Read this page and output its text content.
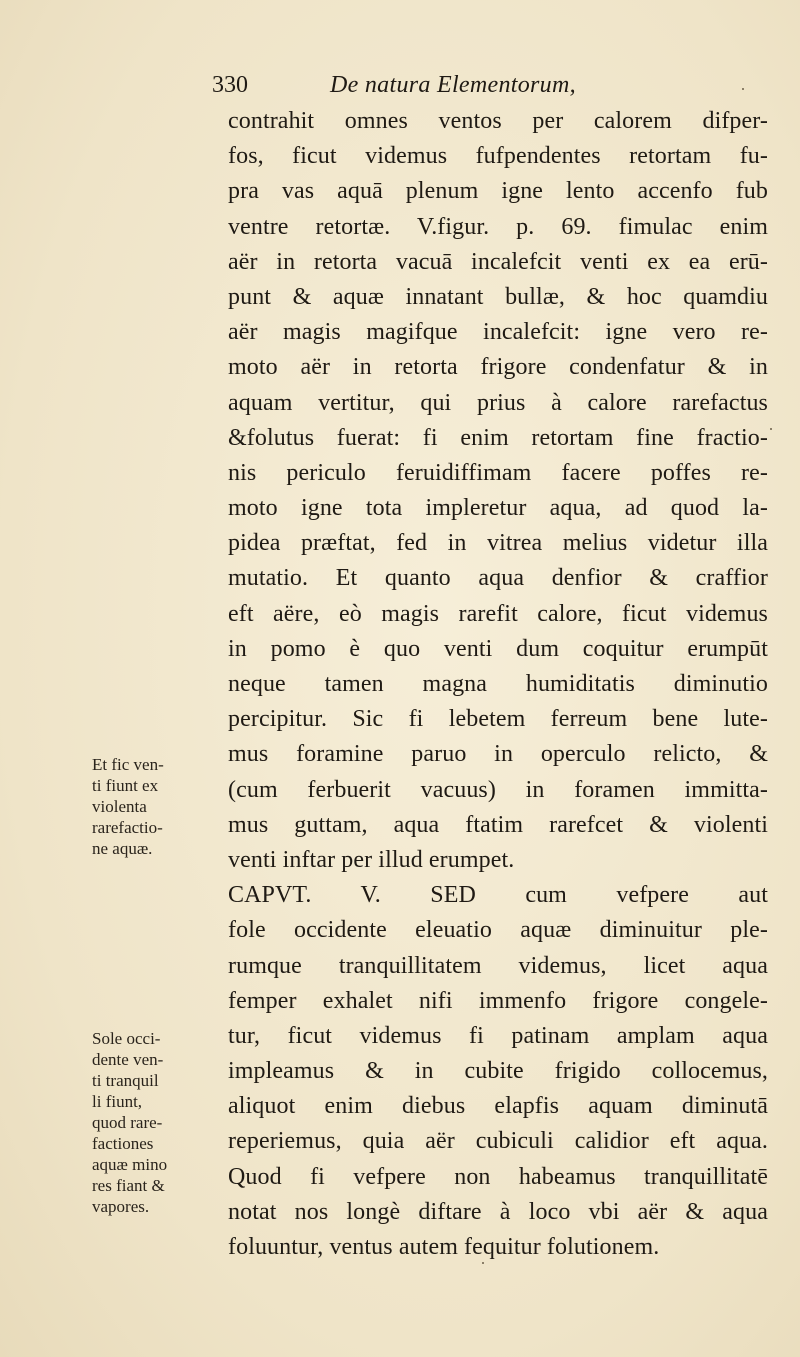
330	De natura Elementorum,
contrahit omnes ventos per calorem difper-
fos, ficut videmus fufpendentes retortam fu-
pra vas aquā plenum igne lento accenfo fub
ventre retortæ. V.figur. p. 69. fimulac enim
aër in retorta vacuā incalefcit venti ex ea erū-
punt & aquæ innatant bullæ, & hoc quamdiu
aër magis magifque incalefcit: igne vero re-
moto aër in retorta frigore condenfatur & in
aquam vertitur, qui prius à calore rarefactus
&folutus fuerat: fi enim retortam fine fractio-
nis periculo feruidiffimam facere poffes re-
moto igne tota impleretur aqua, ad quod la-
pidea præftat, fed in vitrea melius videtur illa
mutatio. Et quanto aqua denfior & craffior
eft aëre, eò magis rarefit calore, ficut videmus
in pomo è quo venti dum coquitur erumpūt
neque tamen magna humiditatis diminutio
percipitur. Sic fi lebetem ferreum bene lute-
mus foramine paruo in operculo relicto, &
(cum ferbuerit vacuus) in foramen immitta-
mus guttam, aqua ftatim rarefcet & violenti
venti inftar per illud erumpet.
CAPVT. V. SED cum vefpere aut
fole occidente eleuatio aquæ diminuitur ple-
rumque tranquillitatem videmus, licet aqua
femper exhalet nifi immenfo frigore congele-
tur, ficut videmus fi patinam amplam aqua
impleamus & in cubite frigido collocemus,
aliquot enim diebus elapfis aquam diminutā
reperiemus, quia aër cubiculi calidior eft aqua.
Quod fi vefpere non habeamus tranquillitatē
notat nos longè diftare à loco vbi aër & aqua
foluuntur, ventus autem fequitur folutionem.
Et fic ven-
ti fiunt ex
violenta
rarefactio-
ne aquæ.
Sole occi-
dente ven-
ti tranquil
li fiunt,
quod rare-
factiones
aquæ mino
res fiant &
vapores.
